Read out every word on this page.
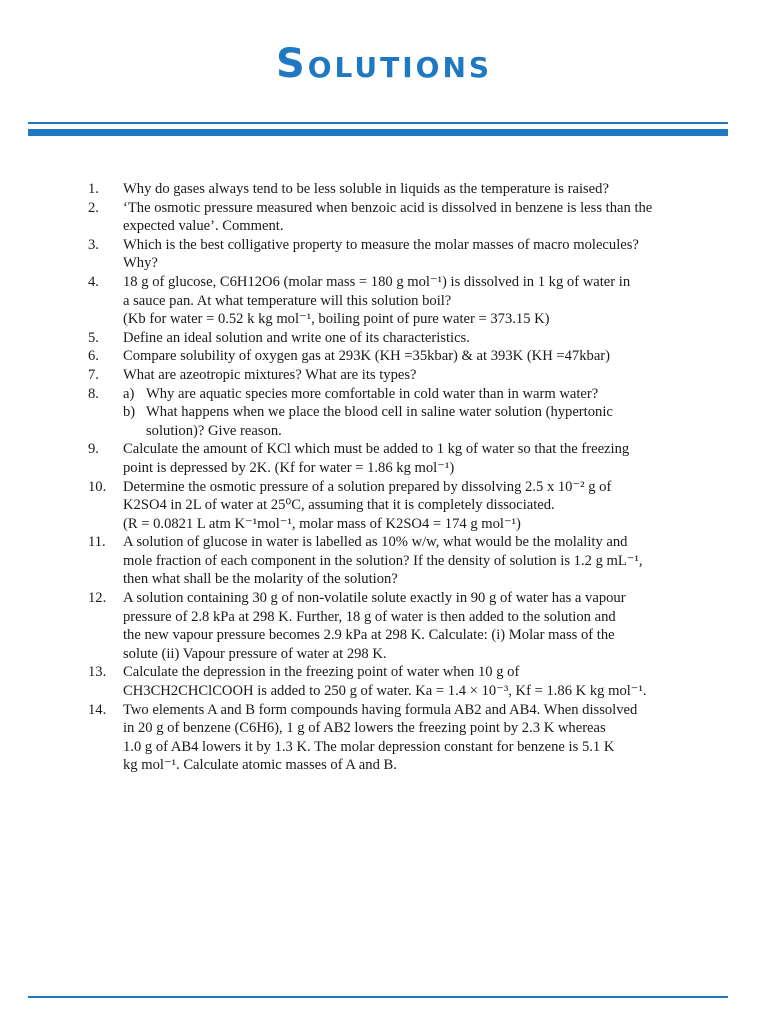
Solutions
1.	Why do gases always tend to be less soluble in liquids as the temperature is raised?
2.	‘The osmotic pressure measured when benzoic acid is dissolved in benzene is less than the
expected value’. Comment.
3.	Which is the best colligative property to measure the molar masses of macro molecules?
Why?
4.	18 g of glucose, C6H12O6 (molar mass = 180 g mol⁻¹) is dissolved in 1 kg of water in
a sauce pan. At what temperature will this solution boil?
(Kb for water = 0.52 k kg mol⁻¹, boiling point of pure water = 373.15 K)
5.	Define an ideal solution and write one of its characteristics.
6.	Compare solubility of oxygen gas at 293K (KH =35kbar) & at 393K (KH =47kbar)
7.	What are azeotropic mixtures? What are its types?
8.	a) Why are aquatic species more comfortable in cold water than in warm water?
b) What happens when we place the blood cell in saline water solution (hypertonic
solution)? Give reason.
9.	Calculate the amount of KCl which must be added to 1 kg of water so that the freezing
point is depressed by 2K. (Kf for water = 1.86 kg mol⁻¹)
10.	Determine the osmotic pressure of a solution prepared by dissolving 2.5 x 10⁻² g of
K2SO4 in 2L of water at 25⁰C, assuming that it is completely dissociated.
(R = 0.0821 L atm K⁻¹mol⁻¹, molar mass of K2SO4 = 174 g mol⁻¹)
11.	A solution of glucose in water is labelled as 10% w/w, what would be the molality and
mole fraction of each component in the solution? If the density of solution is 1.2 g mL⁻¹,
then what shall be the molarity of the solution?
12.	A solution containing 30 g of non-volatile solute exactly in 90 g of water has a vapour
pressure of 2.8 kPa at 298 K. Further, 18 g of water is then added to the solution and
the new vapour pressure becomes 2.9 kPa at 298 K. Calculate: (i) Molar mass of the
solute (ii) Vapour pressure of water at 298 K.
13.	Calculate the depression in the freezing point of water when 10 g of
CH3CH2CHClCOOH is added to 250 g of water. Ka = 1.4 × 10⁻³, Kf = 1.86 K kg mol⁻¹.
14.	Two elements A and B form compounds having formula AB2 and AB4. When dissolved
in 20 g of benzene (C6H6), 1 g of AB2 lowers the freezing point by 2.3 K whereas
1.0 g of AB4 lowers it by 1.3 K. The molar depression constant for benzene is 5.1 K
kg mol⁻¹. Calculate atomic masses of A and B.
